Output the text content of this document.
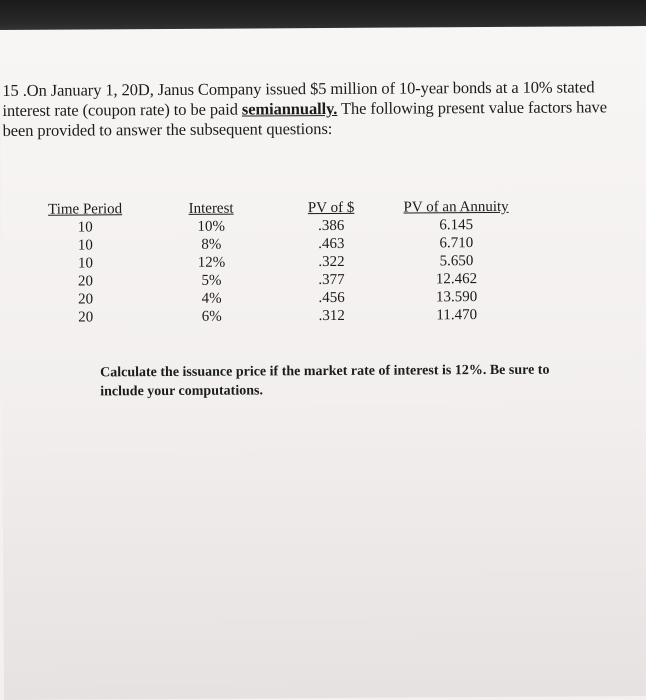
15 .On January 1, 20D, Janus Company issued $5 million of 10-year bonds at a 10% stated
interest rate (coupon rate) to be paid semiannually. The following present value factors have
been provided to answer the subsequent questions:
Time Period	Interest	PV of $	PV of an Annuity
10	10%	.386	6.145
10	8%	.463	6.710
10	12%	.322	5.650
20	5%	.377	12.462
20	4%	.456	13.590
20	6%	.312	11.470
Calculate the issuance price if the market rate of interest is 12%. Be sure to
include your computations.
